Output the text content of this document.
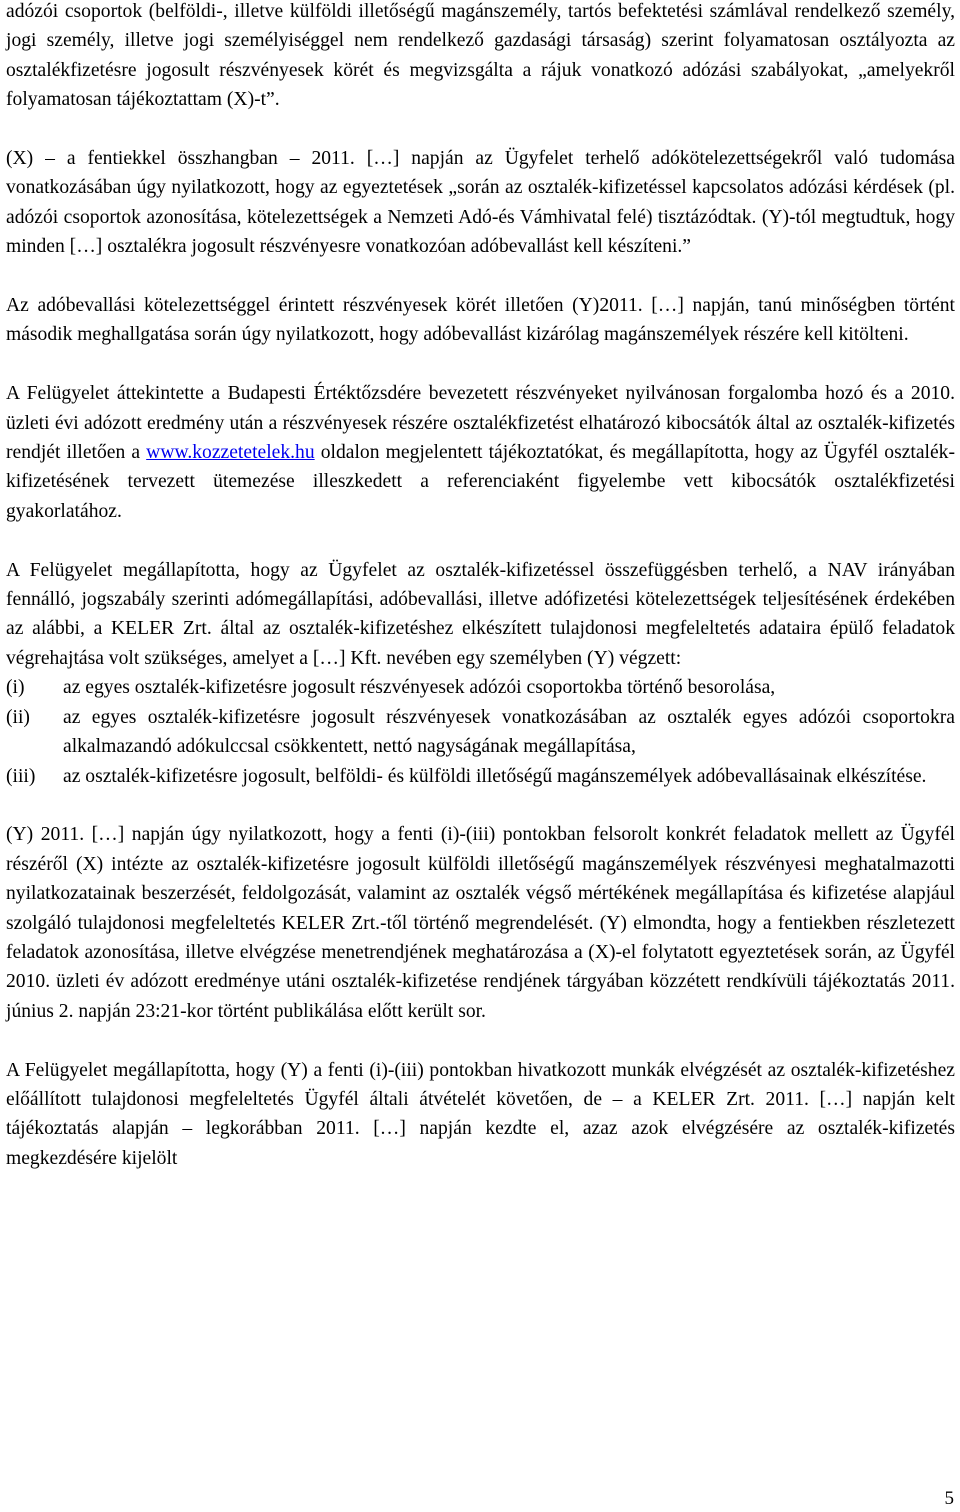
adózói csoportok (belföldi-, illetve külföldi illetőségű magánszemély, tartós befektetési számlával rendelkező személy, jogi személy, illetve jogi személyiséggel nem rendelkező gazdasági társaság) szerint folyamatosan osztályozta az osztalékfizetésre jogosult részvényesek körét és megvizsgálta a rájuk vonatkozó adózási szabályokat, „amelyekről folyamatosan tájékoztattam (X)-t”.

(X) – a fentiekkel összhangban – 2011. […] napján az Ügyfelet terhelő adókötelezettségekről való tudomása vonatkozásában úgy nyilatkozott, hogy az egyeztetések „során az osztalék-kifizetéssel kapcsolatos adózási kérdések (pl. adózói csoportok azonosítása, kötelezettségek a Nemzeti Adó-és Vámhivatal felé) tisztázódtak. (Y)-tól megtudtuk, hogy minden […] osztalékra jogosult részvényesre vonatkozóan adóbevallást kell készíteni.”

Az adóbevallási kötelezettséggel érintett részvényesek körét illetően (Y)2011. […] napján, tanú minőségben történt második meghallgatása során úgy nyilatkozott, hogy adóbevallást kizárólag magánszemélyek részére kell kitölteni.

A Felügyelet áttekintette a Budapesti Értéktőzsdére bevezetett részvényeket nyilvánosan forgalomba hozó és a 2010. üzleti évi adózott eredmény után a részvényesek részére osztalékfizetést elhatározó kibocsátók által az osztalék-kifizetés rendjét illetően a www.kozzetetelek.hu oldalon megjelentett tájékoztatókat, és megállapította, hogy az Ügyfél osztalék-kifizetésének tervezett ütemezése illeszkedett a referenciaként figyelembe vett kibocsátók osztalékfizetési gyakorlatához.

A Felügyelet megállapította, hogy az Ügyfelet az osztalék-kifizetéssel összefüggésben terhelő, a NAV irányában fennálló, jogszabály szerinti adómegállapítási, adóbevallási, illetve adófizetési kötelezettségek teljesítésének érdekében az alábbi, a KELER Zrt. által az osztalék-kifizetéshez elkészített tulajdonosi megfeleltetés adataira épülő feladatok végrehajtása volt szükséges, amelyet a […] Kft. nevében egy személyben (Y) végzett:

(i)	az egyes osztalék-kifizetésre jogosult részvényesek adózói csoportokba történő besorolása,
(ii)	az egyes osztalék-kifizetésre jogosult részvényesek vonatkozásában az osztalék egyes adózói csoportokra alkalmazandó adókulccsal csökkentett, nettó nagyságának megállapítása,
(iii)	az osztalék-kifizetésre jogosult, belföldi- és külföldi illetőségű magánszemélyek adóbevallásainak elkészítése.

(Y) 2011. […] napján úgy nyilatkozott, hogy a fenti (i)-(iii) pontokban felsorolt konkrét feladatok mellett az Ügyfél részéről (X) intézte az osztalék-kifizetésre jogosult külföldi illetőségű magánszemélyek részvényesi meghatalmazotti nyilatkozatainak beszerzését, feldolgozását, valamint az osztalék végső mértékének megállapítása és kifizetése alapjául szolgáló tulajdonosi megfeleltetés KELER Zrt.-től történő megrendelését. (Y) elmondta, hogy a fentiekben részletezett feladatok azonosítása, illetve elvégzése menetrendjének meghatározása a (X)-el folytatott egyeztetések során, az Ügyfél 2010. üzleti év adózott eredménye utáni osztalék-kifizetése rendjének tárgyában közzétett rendkívüli tájékoztatás 2011. június 2. napján 23:21-kor történt publikálása előtt került sor.

A Felügyelet megállapította, hogy (Y) a fenti (i)-(iii) pontokban hivatkozott munkák elvégzését az osztalék-kifizetéshez előállított tulajdonosi megfeleltetés Ügyfél általi átvételét követően, de – a KELER Zrt. 2011. […] napján kelt tájékoztatás alapján – legkorábban 2011. […] napján kezdte el, azaz azok elvégzésére az osztalék-kifizetés megkezdésére kijelölt

5
